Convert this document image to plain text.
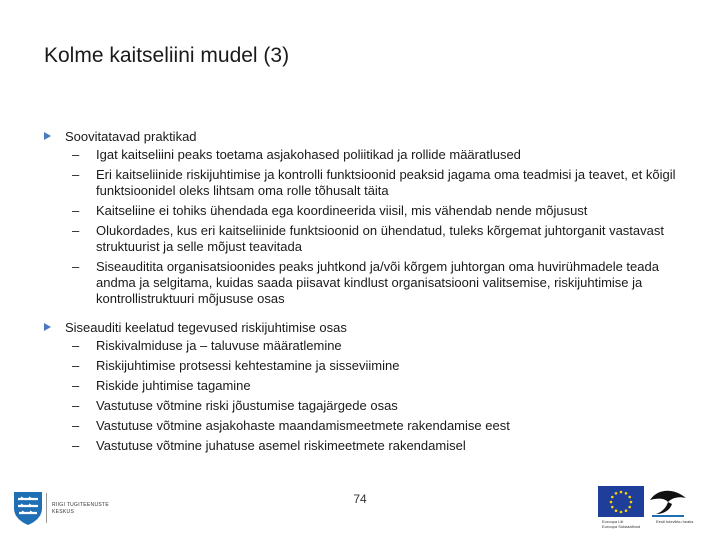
Kolme kaitseliini mudel (3)
Soovitatavad praktikad
– Igat kaitseliini peaks toetama asjakohased poliitikad ja rollide määratlused
– Eri kaitseliinide riskijuhtimise ja kontrolli funktsioonid peaksid jagama oma teadmisi ja teavet, et kõigil funktsioonidel oleks lihtsam oma rolle tõhusalt täita
– Kaitseliine ei tohiks ühendada ega koordineerida viisil, mis vähendab nende mõjusust
– Olukordades, kus eri kaitseliinide funktsioonid on ühendatud, tuleks kõrgemat juhtorganit vastavast struktuurist ja selle mõjust teavitada
– Siseauditita organisatsioonides peaks juhtkond ja/või kõrgem juhtorgan oma huvirühmadele teada andma ja selgitama, kuidas saada piisavat kindlust organisatsiooni valitsemise, riskijuhtimise ja kontrollistruktuuri mõjususe osas
Siseauditi keelatud tegevused riskijuhtimise osas
– Riskivalmiduse ja – taluvuse määratlemine
– Riskijuhtimise protsessi kehtestamine ja sisseviimine
– Riskide juhtimise tagamine
– Vastutuse võtmine riski jõustumise tagajärgede osas
– Vastutuse võtmine asjakohaste maandamismeetmete rakendamise eest
– Vastutuse võtmine juhatuse asemel riskimeetmete rakendamisel
74
RIIGI TUGITEENUSTE
KESKUS
Euroopa Liit
Euroopa Sotsiaalfond
Eesti tulevikku heaks
